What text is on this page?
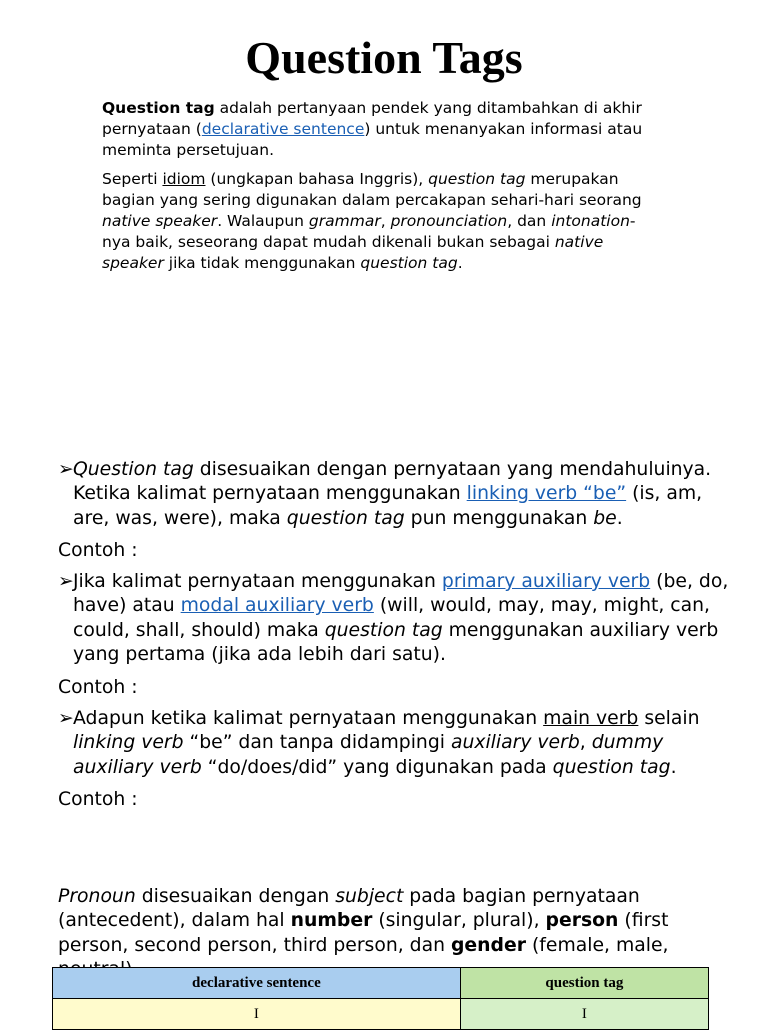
Question Tags

Question tag adalah pertanyaan pendek yang ditambahkan di akhir pernyataan (declarative sentence) untuk menanyakan informasi atau meminta persetujuan.

Seperti idiom (ungkapan bahasa Inggris), question tag merupakan bagian yang sering digunakan dalam percakapan sehari-hari seorang native speaker. Walaupun grammar, pronounciation, dan intonation-nya baik, seseorang dapat mudah dikenali bukan sebagai native speaker jika tidak menggunakan question tag.

➢Question tag disesuaikan dengan pernyataan yang mendahuluinya. Ketika kalimat pernyataan menggunakan linking verb “be” (is, am, are, was, were), maka question tag pun menggunakan be.

Contoh :

➢Jika kalimat pernyataan menggunakan primary auxiliary verb (be, do, have) atau modal auxiliary verb (will, would, may, may, might, can, could, shall, should) maka question tag menggunakan auxiliary verb yang pertama (jika ada lebih dari satu).

Contoh :

➢Adapun ketika kalimat pernyataan menggunakan main verb selain linking verb “be” dan tanpa didampingi auxiliary verb, dummy auxiliary verb “do/does/did” yang digunakan pada question tag.

Contoh :

Pronoun disesuaikan dengan subject pada bagian pernyataan (antecedent), dalam hal number (singular, plural), person (first person, second person, third person, dan gender (female, male,

declarative sentence	question tag
I	I
